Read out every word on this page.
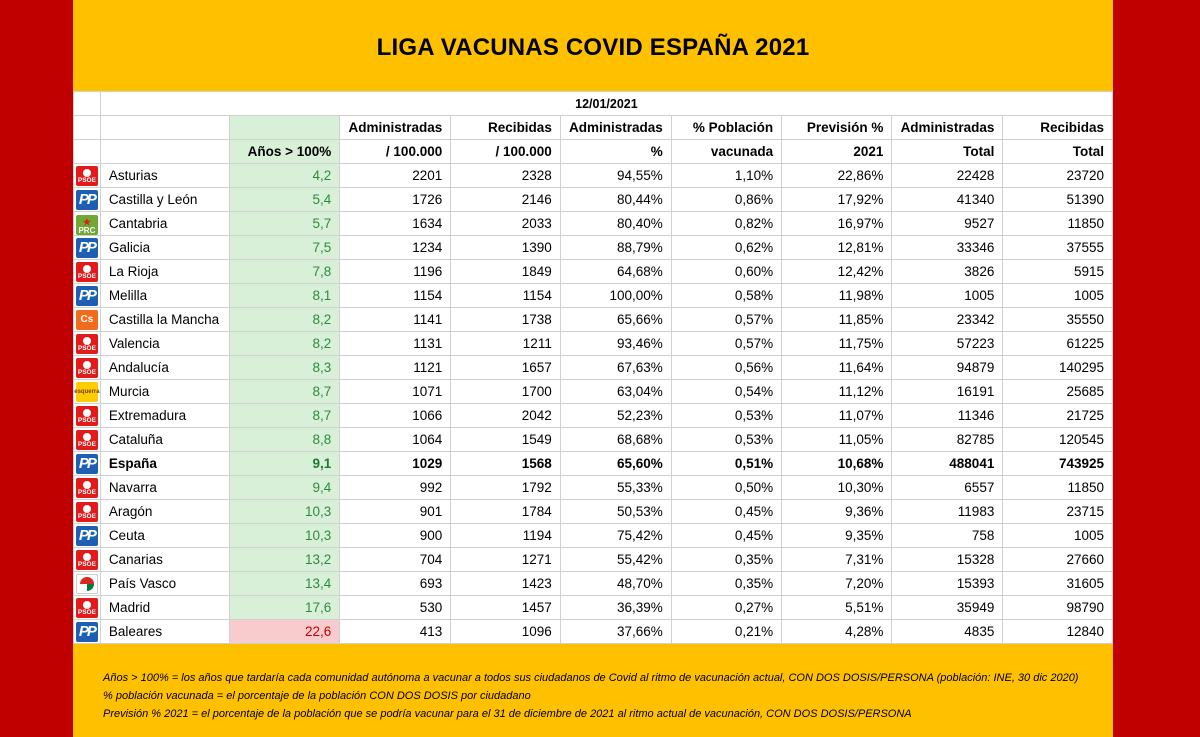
LIGA VACUNAS COVID ESPAÑA 2021
	12/01/2021								
			Administradas	Recibidas	Administradas	% Población	Previsión %	Administradas	Recibidas
		Años > 100%	/ 100.000	/ 100.000	%	vacunada	2021	Total	Total

PSOE	Asturias	4,2	2201	2328	94,55%	1,10%	22,86%	22428	23720

PP	Castilla y León	5,4	1726	2146	80,44%	0,86%	17,92%	41340	51390

★
PRC	Cantabria	5,7	1634	2033	80,40%	0,82%	16,97%	9527	11850

PP	Galicia	7,5	1234	1390	88,79%	0,62%	12,81%	33346	37555

PSOE	La Rioja	7,8	1196	1849	64,68%	0,60%	12,42%	3826	5915

PP	Melilla	8,1	1154	1154	100,00%	0,58%	11,98%	1005	1005

Cs	Castilla la Mancha	8,2	1141	1738	65,66%	0,57%	11,85%	23342	35550

PSOE	Valencia	8,2	1131	1211	93,46%	0,57%	11,75%	57223	61225

PSOE	Andalucía	8,3	1121	1657	67,63%	0,56%	11,64%	94879	140295

esquerra	Murcia	8,7	1071	1700	63,04%	0,54%	11,12%	16191	25685

PSOE	Extremadura	8,7	1066	2042	52,23%	0,53%	11,07%	11346	21725

PSOE	Cataluña	8,8	1064	1549	68,68%	0,53%	11,05%	82785	120545

PP	España	9,1	1029	1568	65,60%	0,51%	10,68%	488041	743925

PSOE	Navarra	9,4	992	1792	55,33%	0,50%	10,30%	6557	11850

PSOE	Aragón	10,3	901	1784	50,53%	0,45%	9,36%	11983	23715

PP	Ceuta	10,3	900	1194	75,42%	0,45%	9,35%	758	1005

PSOE	Canarias	13,2	704	1271	55,42%	0,35%	7,31%	15328	27660

	País Vasco	13,4	693	1423	48,70%	0,35%	7,20%	15393	31605

PSOE	Madrid	17,6	530	1457	36,39%	0,27%	5,51%	35949	98790

PP	Baleares	22,6	413	1096	37,66%	0,21%	4,28%	4835	12840
Años > 100% = los años que tardaría cada comunidad autónoma a vacunar a todos sus ciudadanos de Covid al ritmo de vacunación actual, CON DOS DOSIS/PERSONA (población: INE, 30 dic 2020)
% población vacunada = el porcentaje de la población CON DOS DOSIS por ciudadano
Previsión % 2021 = el porcentaje de la población que se podría vacunar para el 31 de diciembre de 2021 al ritmo actual de vacunación, CON DOS DOSIS/PERSONA
